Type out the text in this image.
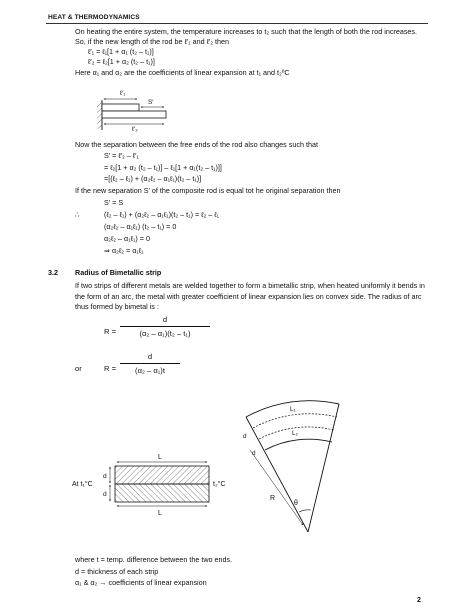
HEAT & THERMODYNAMICS
On heating the entire system, the temperature increases to t₂ such that the length of both the rod increases.
So, if the new length of the rod be ℓ′₁ and ℓ′₂ then
ℓ′₁ = ℓ₁[1 + α₁ (t₂ – t₁)]
ℓ′₂ = ℓ₂[1 + α₂ (t₂ – t₁)]
Here α₁ and α₂ are the coefficients of linear expansion at t₁ and t₂ºC
Now the separation between the free ends of the rod also changes such that
S′ = ℓ′₂ – ℓ′₁
= ℓ₂[1 + α₂ (t₂ – t₁)] – ℓ₁[1 + α₁(t₂ – t₁)]]
=[(ℓ₂ – ℓ₁) + (α₂ℓ₂ – α₁ℓ₁)(t₂ – t₁)]
If the new separation S′ of the composite rod is equal tot he original separation then
S′ = S
∴	(ℓ₂ – ℓ₁) + (α₂ℓ₂ – α₁ℓ₁)(t₂ – t₁) = ℓ₂ – ℓ₁
(α₂ℓ₂ – α₁ℓ₁) (t₂ – t₁) = 0
α₂ℓ₂ – α₁ℓ₁) = 0
⇒ α₂ℓ₂ = α₁ℓ₁
3.2 Radius of Bimetallic strip
If two strips of different metals are welded together to form a bimetallic strip, when heated uniformly it bends in the form of an arc, the metal with greater coefficient of linear expansion lies on convex side. The radius of arc thus formed by bimetal is :
R =
d
(α₂ – α₁)(t₂ – t₁)
or	R =
d
(α₂ – α₁)t
where t = temp. difference between the two ends.
d = thickness of each strip
α₁ & α₂ → coefficients of linear expansion
2
ℓ′₁
S′
ℓ′₂
L
L
d
d
At t₁°C	t₂°C
L₁
L₂
d
d
R
θ
